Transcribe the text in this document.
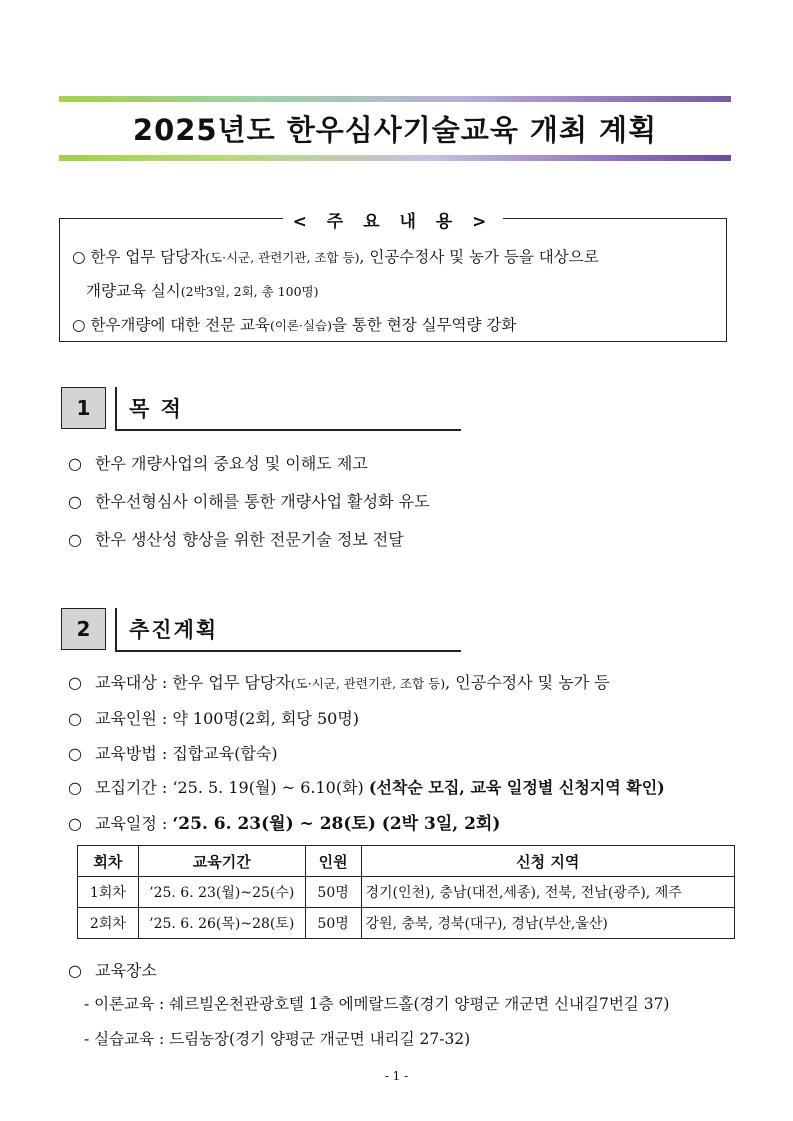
2025년도 한우심사기술교육 개최 계획
< 주 요 내 용 >
○ 한우 업무 담당자(도·시군, 관련기관, 조합 등), 인공수정사 및 농가 등을 대상으로
개량교육 실시(2박3일, 2회, 총 100명)
○ 한우개량에 대한 전문 교육(이론·실습)을 통한 현장 실무역량 강화
1	목 적
○ 한우 개량사업의 중요성 및 이해도 제고
○ 한우선형심사 이해를 통한 개량사업 활성화 유도
○ 한우 생산성 향상을 위한 전문기술 정보 전달
2	추진계획
○ 교육대상 : 한우 업무 담당자(도·시군, 관련기관, 조합 등), 인공수정사 및 농가 등
○ 교육인원 : 약 100명(2회, 회당 50명)
○ 교육방법 : 집합교육(합숙)
○ 모집기간 : ‘25. 5. 19(월) ~ 6.10(화) (선착순 모집, 교육 일정별 신청지역 확인)
○ 교육일정 : ‘25. 6. 23(월) ~ 28(토) (2박 3일, 2회)
회차	교육기간	인원	신청 지역
1회차	’25. 6. 23(월)~25(수)	50명	경기(인천), 충남(대전,세종), 전북, 전남(광주), 제주
2회차	’25. 6. 26(목)~28(토)	50명	강원, 충북, 경북(대구), 경남(부산,울산)
○ 교육장소
- 이론교육 : 쉐르빌온천관광호텔 1층 에메랄드홀(경기 양평군 개군면 신내길7번길 37)
- 실습교육 : 드림농장(경기 양평군 개군면 내리길 27-32)
- 1 -
